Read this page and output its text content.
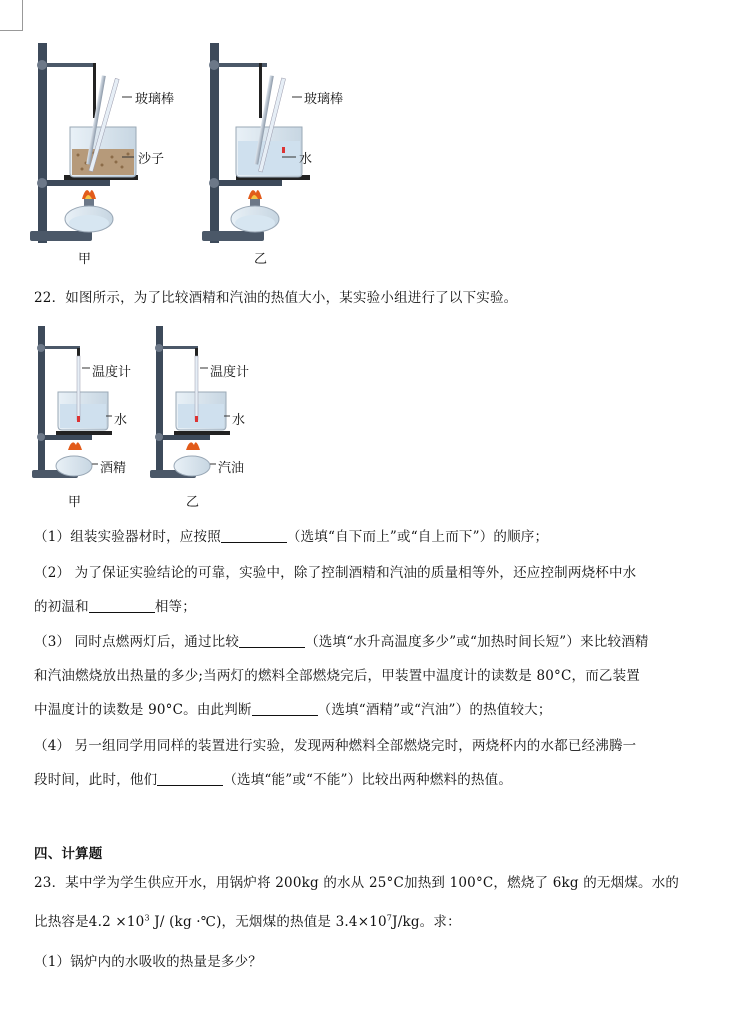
玻璃棒
沙子
甲
玻璃棒
水
乙
22．如图所示，为了比较酒精和汽油的热值大小，某实验小组进行了以下实验。
温度计
水
酒精
甲
温度计
水
汽油
乙
（1）组装实验器材时，应按照	（选填“自下而上”或“自上而下”）的顺序；
（2） 为了保证实验结论的可靠，实验中，除了控制酒精和汽油的质量相等外，还应控制两烧杯中水
的初温和	相等；
（3） 同时点燃两灯后，通过比较	（选填“水升高温度多少”或“加热时间长短”）来比较酒精
和汽油燃烧放出热量的多少;当两灯的燃料全部燃烧完后，甲装置中温度计的读数是 80°C，而乙装置
中温度计的读数是 90°C。由此判断	（选填“酒精”或“汽油”）的热值较大；
（4） 另一组同学用同样的装置进行实验，发现两种燃料全部燃烧完时，两烧杯内的水都已经沸腾一
段时间，此时，他们	（选填“能”或“不能”）比较出两种燃料的热值。
四、计算题
23．某中学为学生供应开水，用锅炉将 200kg 的水从 25°C加热到 100°C，燃烧了 6kg 的无烟煤。水的
比热容是$4.2 \times 10^3$ J/ (kg ·℃)，无烟煤的热值是 $3.4\times 10^7J/kg$。求：
（1）锅炉内的水吸收的热量是多少？
